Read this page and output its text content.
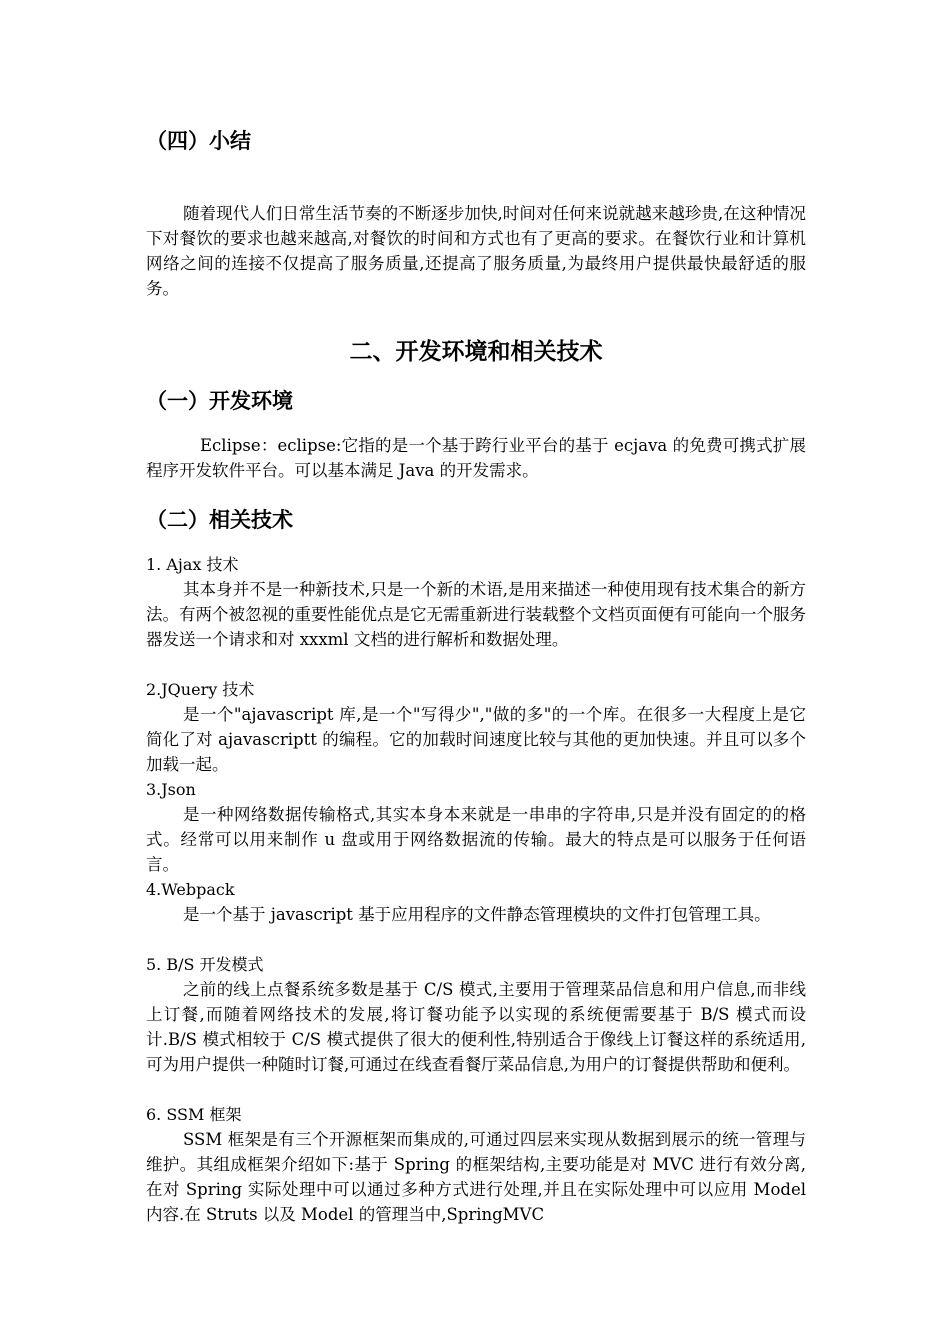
（四）小结

随着现代人们日常生活节奏的不断逐步加快,时间对任何来说就越来越珍贵,在这种情况下对餐饮的要求也越来越高,对餐饮的时间和方式也有了更高的要求。在餐饮行业和计算机网络之间的连接不仅提高了服务质量,还提高了服务质量,为最终用户提供最快最舒适的服务。

二、开发环境和相关技术
（一）开发环境

Eclipse：eclipse:它指的是一个基于跨行业平台的基于 ecjava 的免费可携式扩展程序开发软件平台。可以基本满足 Java 的开发需求。

（二）相关技术
1. Ajax 技术

其本身并不是一种新技术,只是一个新的术语,是用来描述一种使用现有技术集合的新方法。有两个被忽视的重要性能优点是它无需重新进行装载整个文档页面便有可能向一个服务器发送一个请求和对 xxxml 文档的进行解析和数据处理。

2.JQuery 技术

是一个"ajavascript 库,是一个"写得少","做的多"的一个库。在很多一大程度上是它简化了对 ajavascriptt 的编程。它的加载时间速度比较与其他的更加快速。并且可以多个加载一起。

3.Json

是一种网络数据传输格式,其实本身本来就是一串串的字符串,只是并没有固定的的格式。经常可以用来制作 u 盘或用于网络数据流的传输。最大的特点是可以服务于任何语言。

4.Webpack

是一个基于 javascript 基于应用程序的文件静态管理模块的文件打包管理工具。

5. B/S 开发模式

之前的线上点餐系统多数是基于 C/S 模式,主要用于管理菜品信息和用户信息,而非线上订餐,而随着网络技术的发展,将订餐功能予以实现的系统便需要基于 B/S 模式而设计.B/S 模式相较于 C/S 模式提供了很大的便利性,特别适合于像线上订餐这样的系统适用,可为用户提供一种随时订餐,可通过在线查看餐厅菜品信息,为用户的订餐提供帮助和便利。

6. SSM 框架

SSM 框架是有三个开源框架而集成的,可通过四层来实现从数据到展示的统一管理与维护。其组成框架介绍如下:基于 Spring 的框架结构,主要功能是对 MVC 进行有效分离,在对 Spring 实际处理中可以通过多种方式进行处理,并且在实际处理中可以应用 Model 内容.在 Struts 以及 Model 的管理当中,SpringMVC
